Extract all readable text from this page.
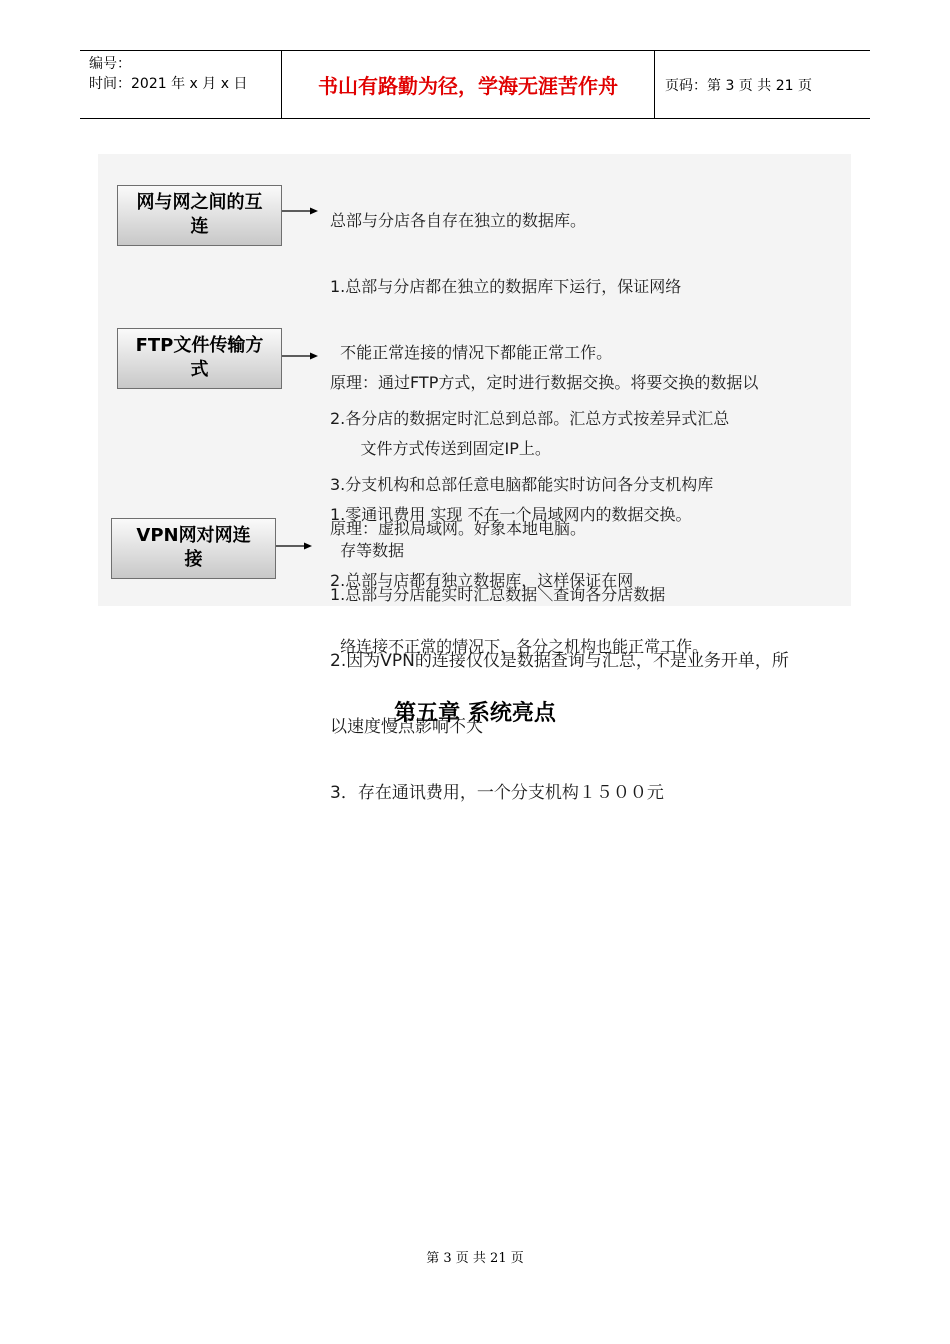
编号：
时间：2021 年 x 月 x 日	书山有路勤为径，学海无涯苦作舟	页码：第 3 页 共 21 页
网与网之间的互
连

	总部与分店各自存在独立的数据库。

1.总部与分店都在独立的数据库下运行，保证网络

不能正常连接的情况下都能正常工作。

2.各分店的数据定时汇总到总部。汇总方式按差异式汇总

3.分支机构和总部任意电脑都能实时访问各分支机构库

存等数据

FTP文件传输方
式

原理：通过FTP方式，定时进行数据交换。将要交换的数据以

文件方式传送到固定IP上。

1.零通讯费用 实现 不在一个局域网内的数据交换。

2.总部与店都有独立数据库，这样保证在网

络连接不正常的情况下，各分之机构也能正常工作。

VPN网对网连
接

原理：虚拟局域网。好象本地电脑。

1.总部与分店能实时汇总数据＼查询各分店数据

2.因为VPN的连接仅仅是数据查询与汇总，不是业务开单，所

以速度慢点影响不大

3．存在通讯费用，一个分支机构１５００元

第五章 系统亮点
第 3 页 共 21 页
